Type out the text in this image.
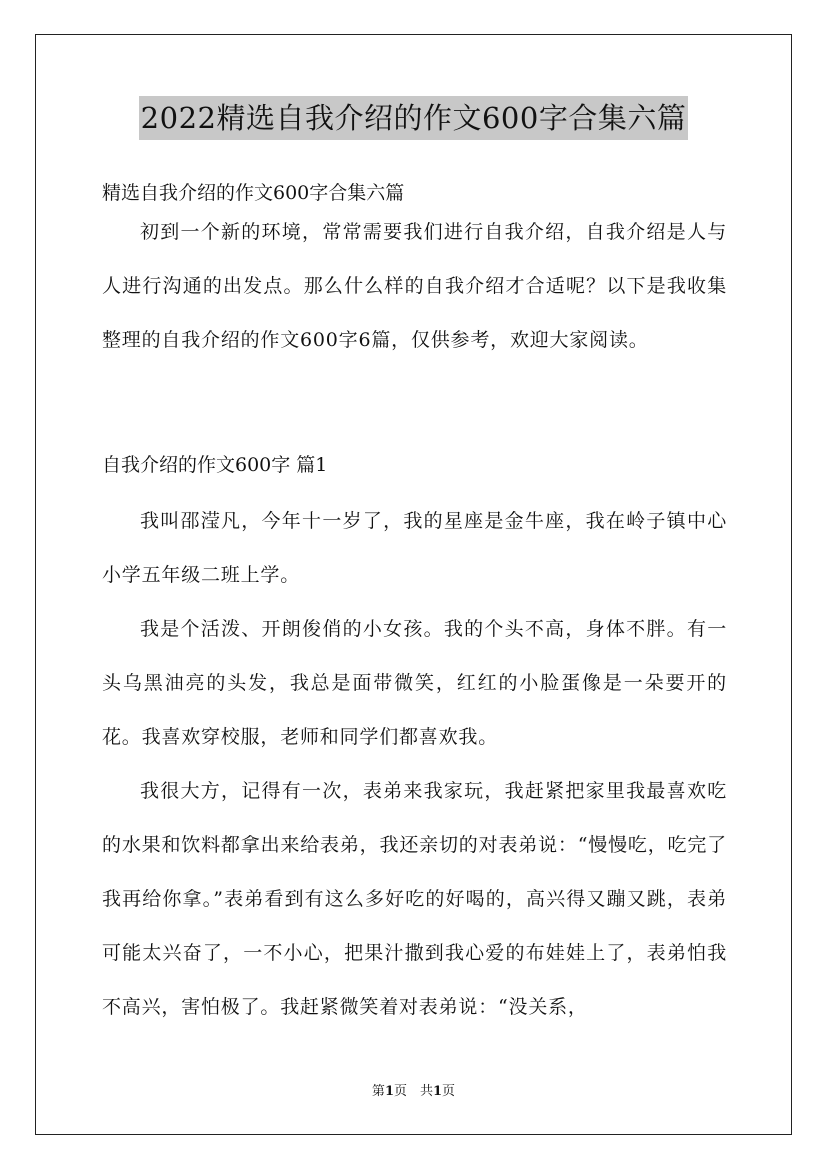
2022精选自我介绍的作文600字合集六篇
精选自我介绍的作文600字合集六篇

初到一个新的环境，常常需要我们进行自我介绍，自我介绍是人与人进行沟通的出发点。那么什么样的自我介绍才合适呢？以下是我收集整理的自我介绍的作文600字6篇，仅供参考，欢迎大家阅读。

自我介绍的作文600字 篇1

我叫邵滢凡，今年十一岁了，我的星座是金牛座，我在岭子镇中心小学五年级二班上学。

我是个活泼、开朗俊俏的小女孩。我的个头不高，身体不胖。有一头乌黑油亮的头发，我总是面带微笑，红红的小脸蛋像是一朵要开的花。我喜欢穿校服，老师和同学们都喜欢我。

我很大方，记得有一次，表弟来我家玩，我赶紧把家里我最喜欢吃的水果和饮料都拿出来给表弟，我还亲切的对表弟说：“慢慢吃，吃完了我再给你拿。”表弟看到有这么多好吃的好喝的，高兴得又蹦又跳，表弟可能太兴奋了，一不小心，把果汁撒到我心爱的布娃娃上了，表弟怕我不高兴，害怕极了。我赶紧微笑着对表弟说：“没关系，

第1页　共1页
